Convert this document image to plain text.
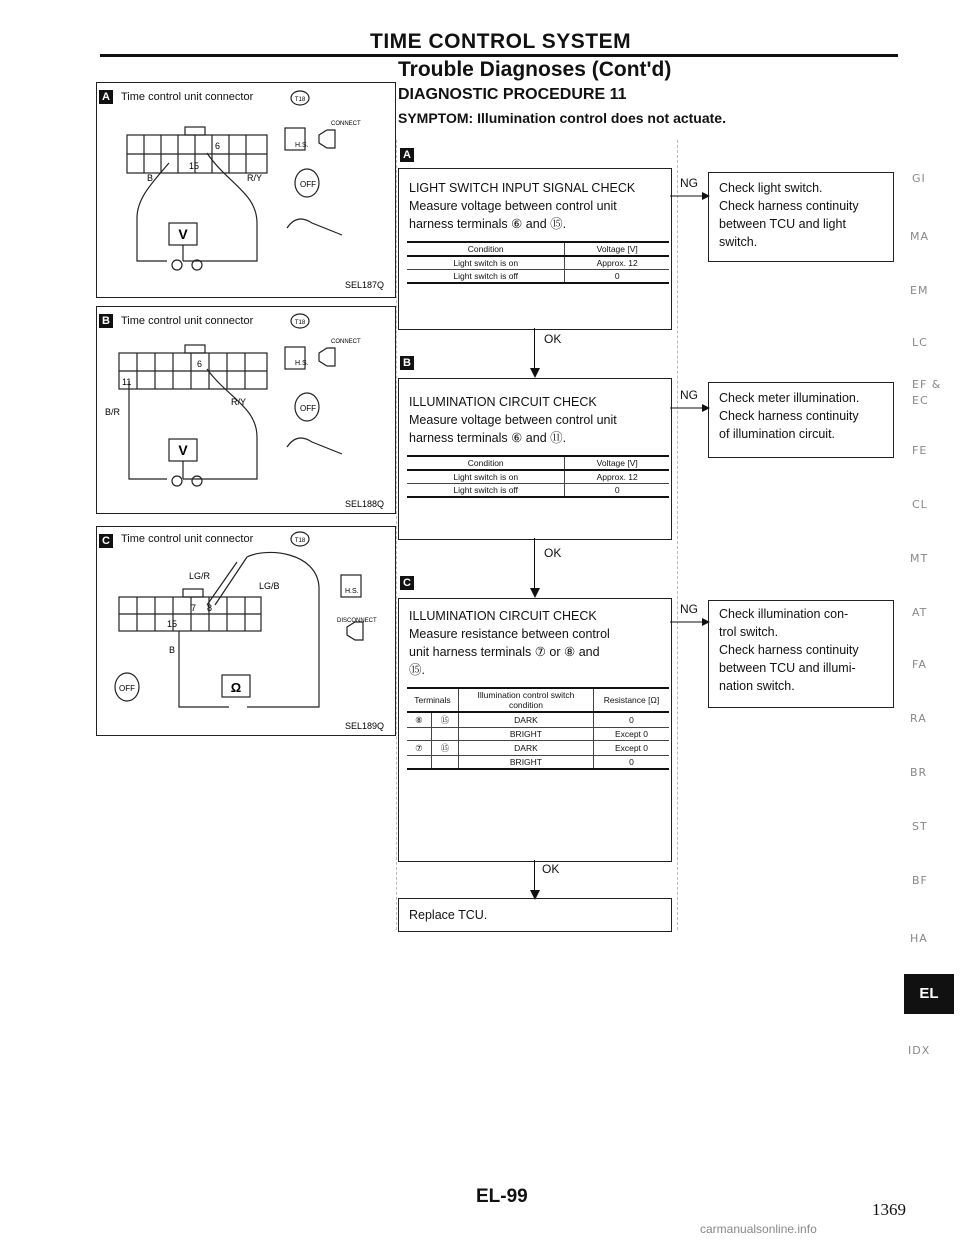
TIME CONTROL SYSTEM
Trouble Diagnoses (Cont'd)
DIAGNOSTIC PROCEDURE 11
SYMPTOM: Illumination control does not actuate.
A Time control unit connector
V
6
15
B	R/Y
CONNECT
H.S.
OFF
T18
SEL187Q
B Time control unit connector
V
6
11
B/R
R/Y
CONNECT
H.S.
OFF
T18
SEL188Q
C Time control unit connector
Ω
7 8
15
LG/R
LG/B
B
DISCONNECT
H.S.
OFF
T18
SEL189Q
A
LIGHT SWITCH INPUT SIGNAL CHECK
Measure voltage between control unit
harness terminals ⑥ and ⑮.
Condition	Voltage [V]
Light switch is on	Approx. 12
Light switch is off	0
NG Check light switch.
Check harness continuity
between TCU and light
switch.
OK
B
ILLUMINATION CIRCUIT CHECK
Measure voltage between control unit
harness terminals ⑥ and ⑪.
Condition	Voltage [V]
Light switch is on	Approx. 12
Light switch is off	0
NG Check meter illumination.
Check harness continuity
of illumination circuit.
OK
C
ILLUMINATION CIRCUIT CHECK
Measure resistance between control
unit harness terminals ⑦ or ⑧ and
⑮.
Terminals		Illumination control switch condition	Resistance [Ω]
⑧	⑮	DARK	0
		BRIGHT	Except 0
⑦	⑮	DARK	Except 0
		BRIGHT	0
NG Check illumination con-
trol switch.
Check harness continuity
between TCU and illumi-
nation switch.
OK
Replace TCU.
GI
MA
EM
LC
EF &
EC
FE
CL
MT
AT
FA
RA
BR
ST
BF
HA
EL
IDX
EL-99
1369
carmanualsonline.info
